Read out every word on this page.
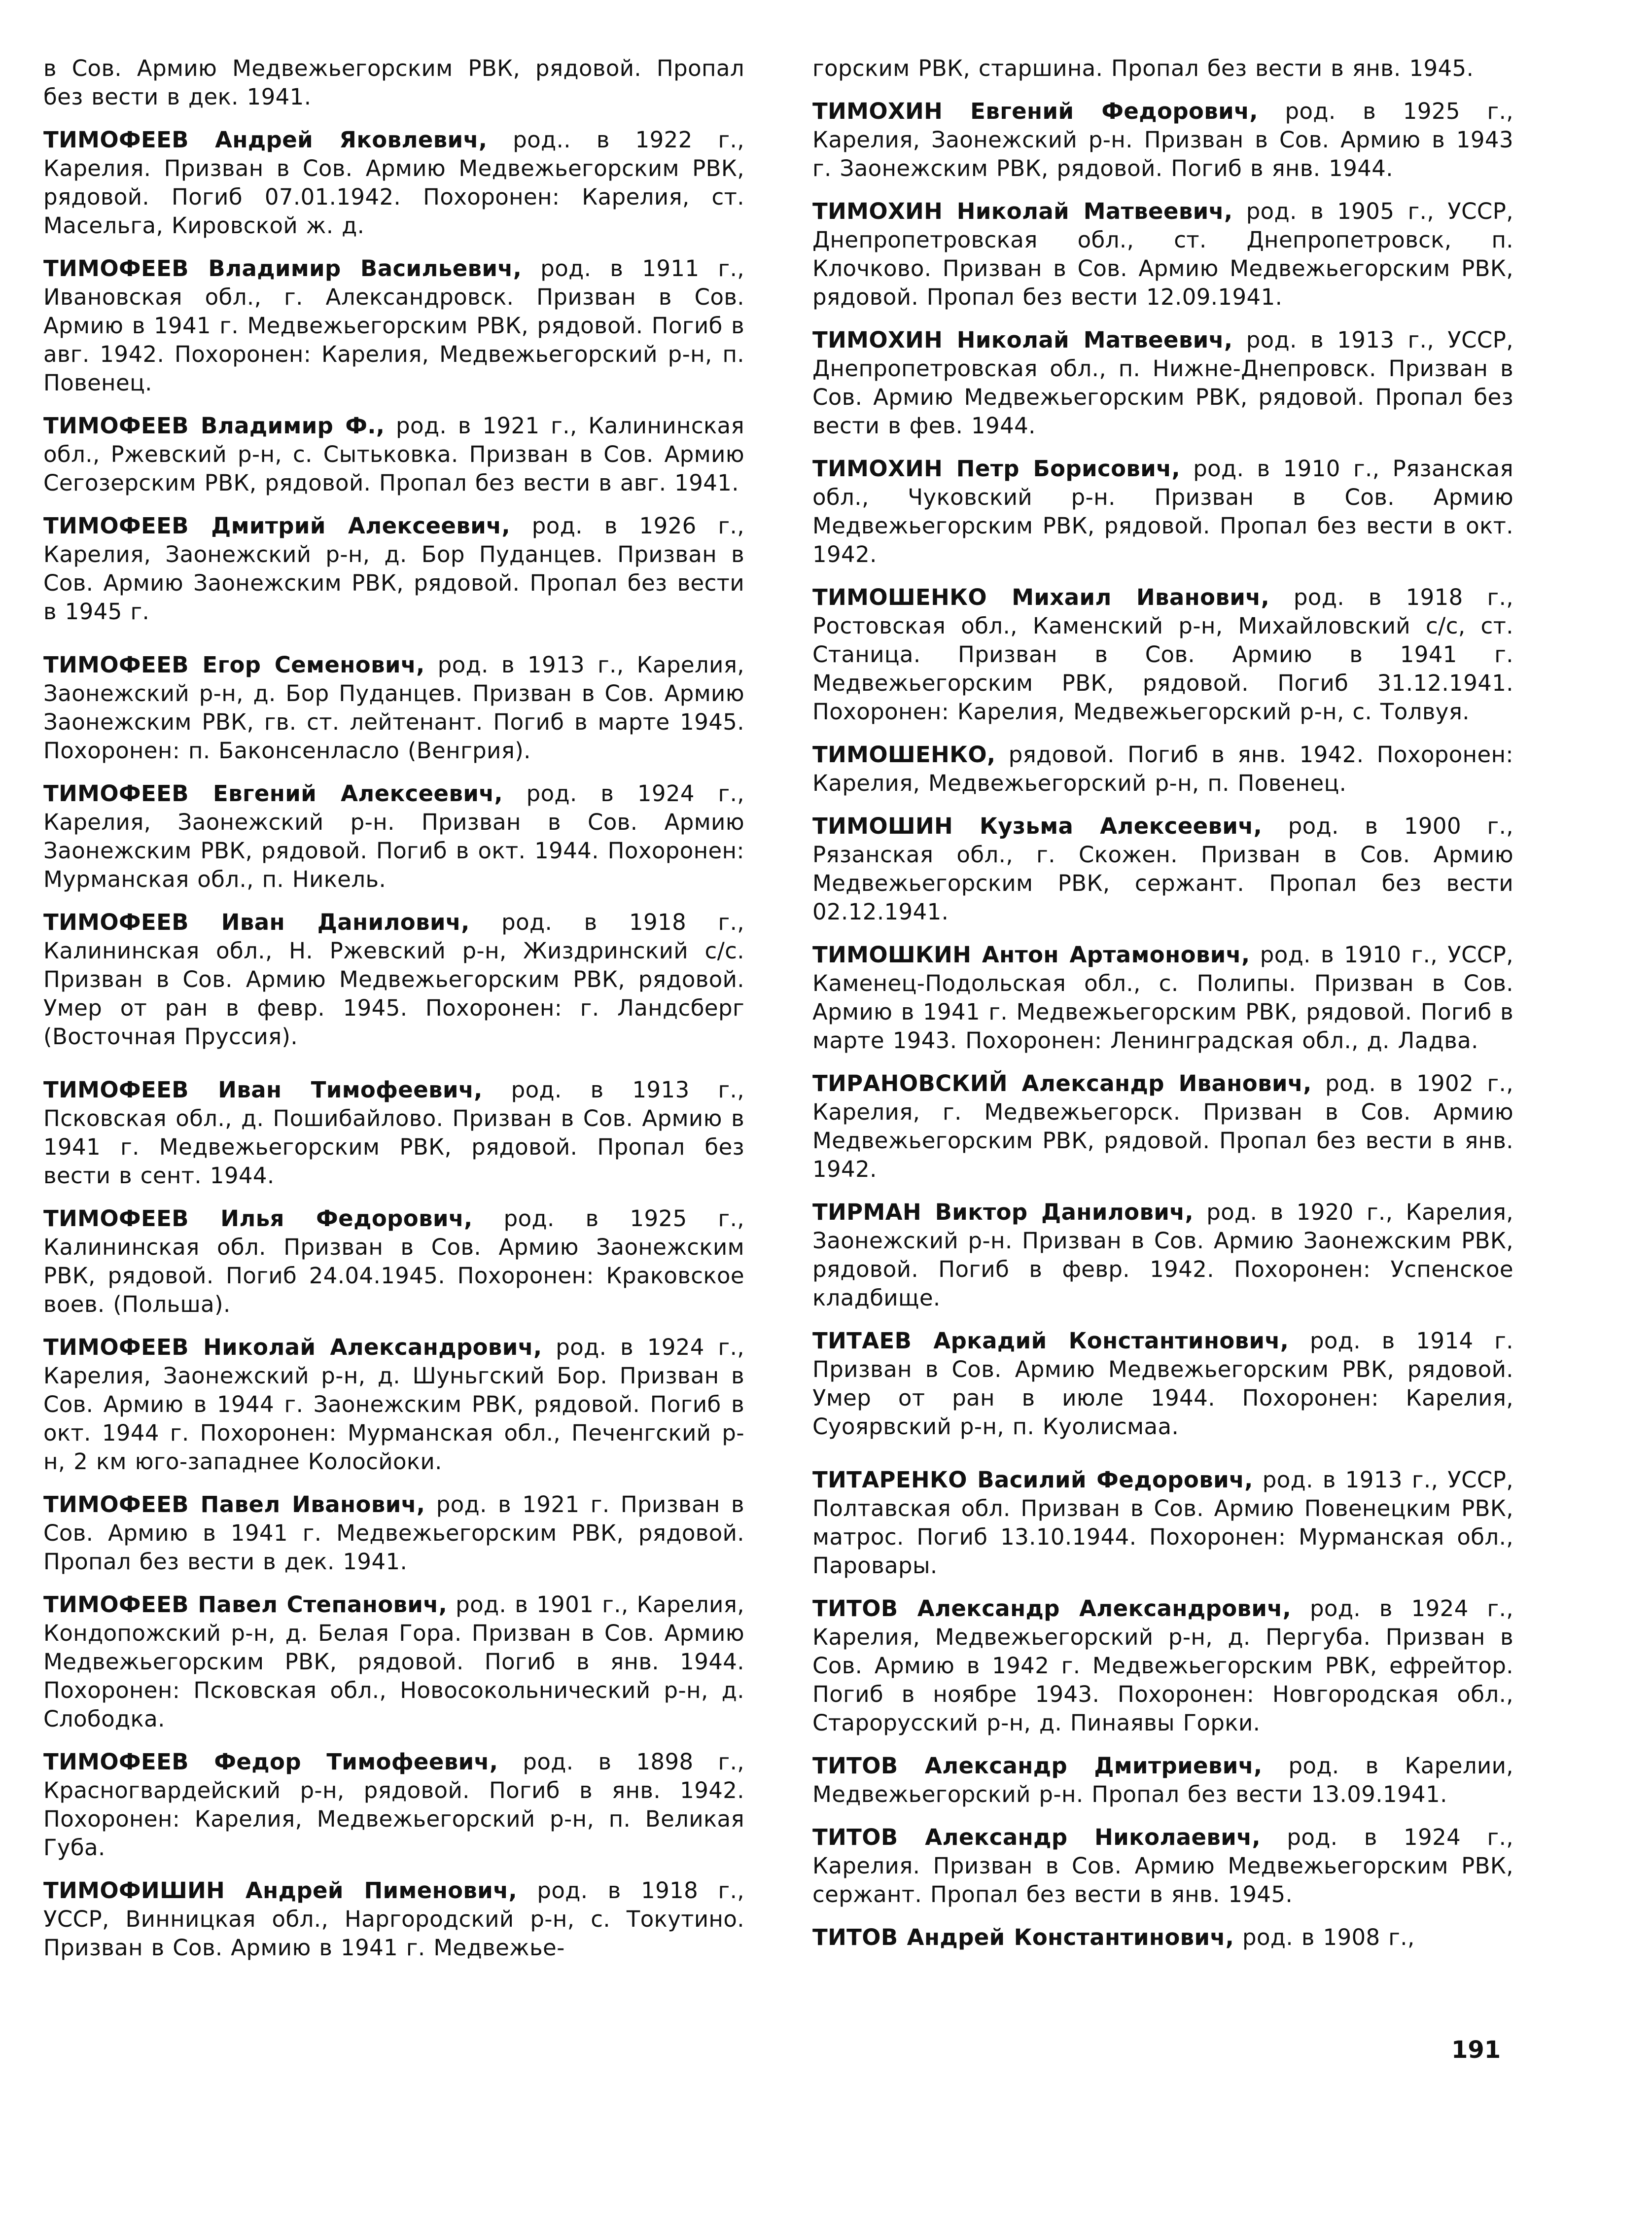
в Сов. Армию Медвежьегорским РВК, рядовой. Пропал без вести в дек. 1941.

ТИМОФЕЕВ Андрей Яковлевич, род.. в 1922 г., Карелия. Призван в Сов. Армию Медвежьегорским РВК, рядовой. Погиб 07.01.1942. Похоронен: Карелия, ст. Масельга, Кировской ж. д.

ТИМОФЕЕВ Владимир Васильевич, род. в 1911 г., Ивановская обл., г. Александровск. Призван в Сов. Армию в 1941 г. Медвежьегорским РВК, рядовой. Погиб в авг. 1942. Похоронен: Карелия, Медвежьегорский р-н, п. Повенец.

ТИМОФЕЕВ Владимир Ф., род. в 1921 г., Калининская обл., Ржевский р-н, с. Сытьковка. Призван в Сов. Армию Сегозерским РВК, рядовой. Пропал без вести в авг. 1941.

ТИМОФЕЕВ Дмитрий Алексеевич, род. в 1926 г., Карелия, Заонежский р-н, д. Бор Пуданцев. Призван в Сов. Армию Заонежским РВК, рядовой. Пропал без вести в 1945 г.

ТИМОФЕЕВ Егор Семенович, род. в 1913 г., Карелия, Заонежский р-н, д. Бор Пуданцев. Призван в Сов. Армию Заонежским РВК, гв. ст. лейтенант. Погиб в марте 1945. Похоронен: п. Баконсенласло (Венгрия).

ТИМОФЕЕВ Евгений Алексеевич, род. в 1924 г., Карелия, Заонежский р-н. Призван в Сов. Армию Заонежским РВК, рядовой. Погиб в окт. 1944. Похоронен: Мурманская обл., п. Никель.

ТИМОФЕЕВ Иван Данилович, род. в 1918 г., Калининская обл., Н. Ржевский р-н, Жиздринский с/с. Призван в Сов. Армию Медвежьегорским РВК, рядовой. Умер от ран в февр. 1945. Похоронен: г. Ландсберг (Восточная Пруссия).

ТИМОФЕЕВ Иван Тимофеевич, род. в 1913 г., Псковская обл., д. Пошибайлово. Призван в Сов. Армию в 1941 г. Медвежьегорским РВК, рядовой. Пропал без вести в сент. 1944.

ТИМОФЕЕВ Илья Федорович, род. в 1925 г., Калининская обл. Призван в Сов. Армию Заонежским РВК, рядовой. Погиб 24.04.1945. Похоронен: Краковское воев. (Польша).

ТИМОФЕЕВ Николай Александрович, род. в 1924 г., Карелия, Заонежский р-н, д. Шуньгский Бор. Призван в Сов. Армию в 1944 г. Заонежским РВК, рядовой. Погиб в окт. 1944 г. Похоронен: Мурманская обл., Печенгский р-н, 2 км юго-западнее Колосйоки.

ТИМОФЕЕВ Павел Иванович, род. в 1921 г. Призван в Сов. Армию в 1941 г. Медвежьегорским РВК, рядовой. Пропал без вести в дек. 1941.

ТИМОФЕЕВ Павел Степанович, род. в 1901 г., Карелия, Кондопожский р-н, д. Белая Гора. Призван в Сов. Армию Медвежьегорским РВК, рядовой. Погиб в янв. 1944. Похоронен: Псковская обл., Новосокольнический р-н, д. Слободка.

ТИМОФЕЕВ Федор Тимофеевич, род. в 1898 г., Красногвардейский р-н, рядовой. Погиб в янв. 1942. Похоронен: Карелия, Медвежьегорский р-н, п. Великая Губа.

ТИМОФИШИН Андрей Пименович, род. в 1918 г., УССР, Винницкая обл., Наргородский р-н, с. Токутино. Призван в Сов. Армию в 1941 г. Медвежье-

горским РВК, старшина. Пропал без вести в янв. 1945.

ТИМОХИН Евгений Федорович, род. в 1925 г., Карелия, Заонежский р-н. Призван в Сов. Армию в 1943 г. Заонежским РВК, рядовой. Погиб в янв. 1944.

ТИМОХИН Николай Матвеевич, род. в 1905 г., УССР, Днепропетровская обл., ст. Днепропетровск, п. Клочково. Призван в Сов. Армию Медвежьегорским РВК, рядовой. Пропал без вести 12.09.1941.

ТИМОХИН Николай Матвеевич, род. в 1913 г., УССР, Днепропетровская обл., п. Нижне-Днепровск. Призван в Сов. Армию Медвежьегорским РВК, рядовой. Пропал без вести в фев. 1944.

ТИМОХИН Петр Борисович, род. в 1910 г., Рязанская обл., Чуковский р-н. Призван в Сов. Армию Медвежьегорским РВК, рядовой. Пропал без вести в окт. 1942.

ТИМОШЕНКО Михаил Иванович, род. в 1918 г., Ростовская обл., Каменский р-н, Михайловский с/с, ст. Станица. Призван в Сов. Армию в 1941 г. Медвежьегорским РВК, рядовой. Погиб 31.12.1941. Похоронен: Карелия, Медвежьегорский р-н, с. Толвуя.

ТИМОШЕНКО, рядовой. Погиб в янв. 1942. Похоронен: Карелия, Медвежьегорский р-н, п. Повенец.

ТИМОШИН Кузьма Алексеевич, род. в 1900 г., Рязанская обл., г. Скожен. Призван в Сов. Армию Медвежьегорским РВК, сержант. Пропал без вести 02.12.1941.

ТИМОШКИН Антон Артамонович, род. в 1910 г., УССР, Каменец-Подольская обл., с. Полипы. Призван в Сов. Армию в 1941 г. Медвежьегорским РВК, рядовой. Погиб в марте 1943. Похоронен: Ленинградская обл., д. Ладва.

ТИРАНОВСКИЙ Александр Иванович, род. в 1902 г., Карелия, г. Медвежьегорск. Призван в Сов. Армию Медвежьегорским РВК, рядовой. Пропал без вести в янв. 1942.

ТИРМАН Виктор Данилович, род. в 1920 г., Карелия, Заонежский р-н. Призван в Сов. Армию Заонежским РВК, рядовой. Погиб в февр. 1942. Похоронен: Успенское кладбище.

ТИТАЕВ Аркадий Константинович, род. в 1914 г. Призван в Сов. Армию Медвежьегорским РВК, рядовой. Умер от ран в июле 1944. Похоронен: Карелия, Суоярвский р-н, п. Куолисмаа.

ТИТАРЕНКО Василий Федорович, род. в 1913 г., УССР, Полтавская обл. Призван в Сов. Армию Повенецким РВК, матрос. Погиб 13.10.1944. Похоронен: Мурманская обл., Паровары.

ТИТОВ Александр Александрович, род. в 1924 г., Карелия, Медвежьегорский р-н, д. Пергуба. Призван в Сов. Армию в 1942 г. Медвежьегорским РВК, ефрейтор. Погиб в ноябре 1943. Похоронен: Новгородская обл., Старорусский р-н, д. Пинаявы Горки.

ТИТОВ Александр Дмитриевич, род. в Карелии, Медвежьегорский р-н. Пропал без вести 13.09.1941.

ТИТОВ Александр Николаевич, род. в 1924 г., Карелия. Призван в Сов. Армию Медвежьегорским РВК, сержант. Пропал без вести в янв. 1945.

ТИТОВ Андрей Константинович, род. в 1908 г.,

191
